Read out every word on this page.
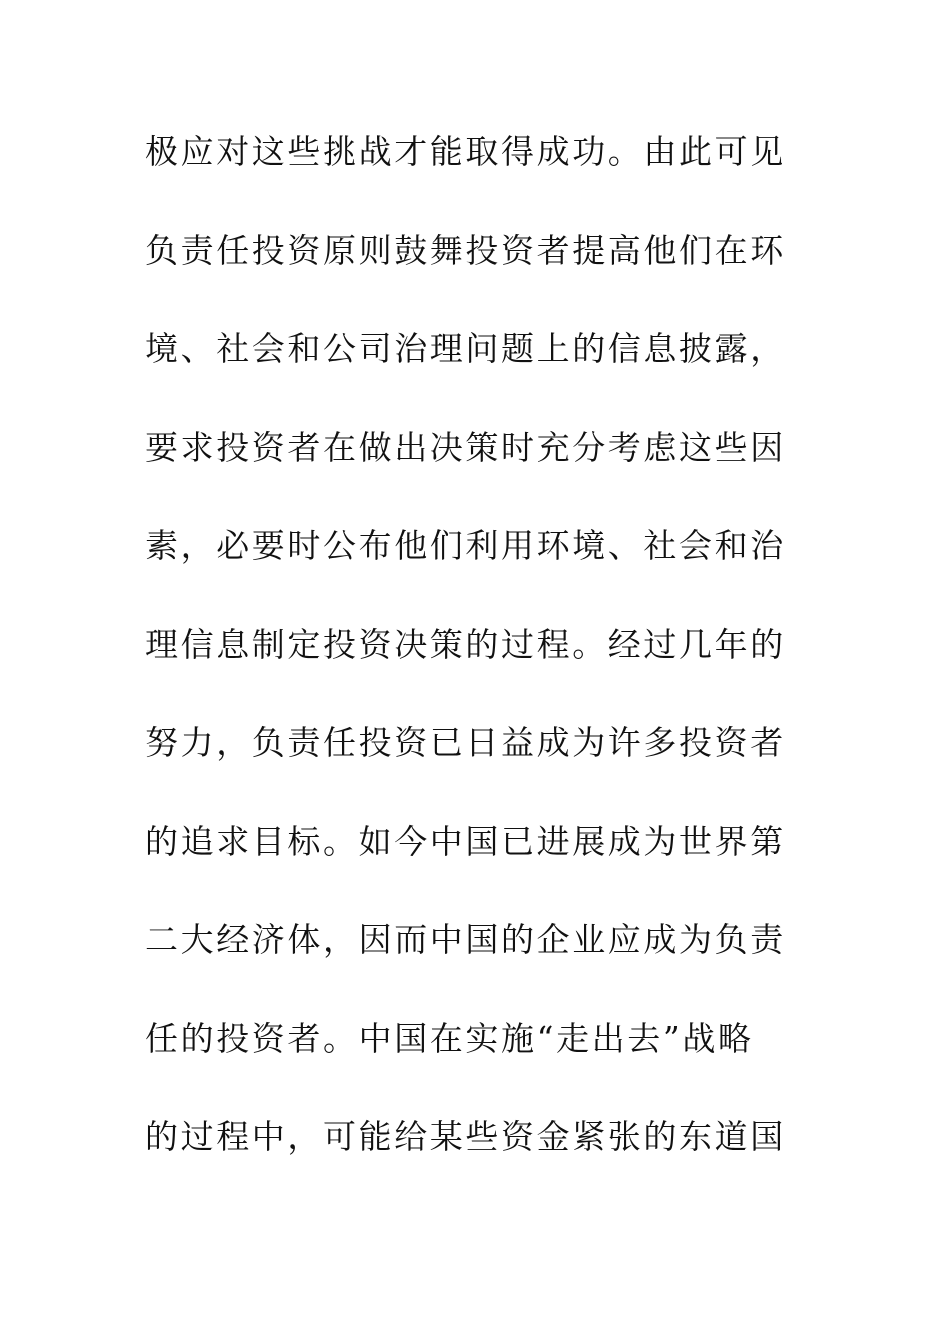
极应对这些挑战才能取得成功。由此可见
负责任投资原则鼓舞投资者提高他们在环
境、社会和公司治理问题上的信息披露，
要求投资者在做出决策时充分考虑这些因
素，必要时公布他们利用环境、社会和治
理信息制定投资决策的过程。经过几年的
努力，负责任投资已日益成为许多投资者
的追求目标。如今中国已进展成为世界第
二大经济体，因而中国的企业应成为负责
任的投资者。中国在实施“走出去”战略
的过程中，可能给某些资金紧张的东道国
